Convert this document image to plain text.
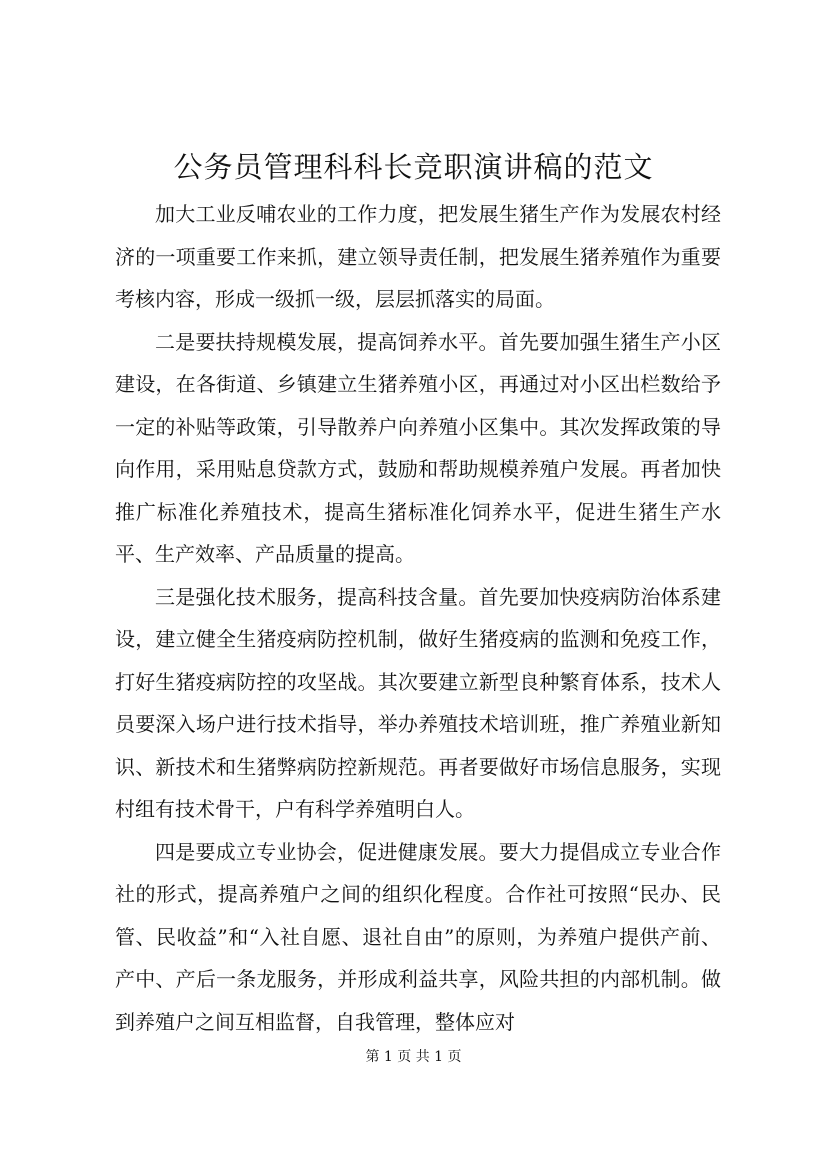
公务员管理科科长竞职演讲稿的范文

加大工业反哺农业的工作力度，把发展生猪生产作为发展农村经济的一项重要工作来抓，建立领导责任制，把发展生猪养殖作为重要考核内容，形成一级抓一级，层层抓落实的局面。

二是要扶持规模发展，提高饲养水平。首先要加强生猪生产小区建设，在各街道、乡镇建立生猪养殖小区，再通过对小区出栏数给予一定的补贴等政策，引导散养户向养殖小区集中。其次发挥政策的导向作用，采用贴息贷款方式，鼓励和帮助规模养殖户发展。再者加快推广标准化养殖技术，提高生猪标准化饲养水平，促进生猪生产水平、生产效率、产品质量的提高。

三是强化技术服务，提高科技含量。首先要加快疫病防治体系建设，建立健全生猪疫病防控机制，做好生猪疫病的监测和免疫工作，打好生猪疫病防控的攻坚战。其次要建立新型良种繁育体系，技术人员要深入场户进行技术指导，举办养殖技术培训班，推广养殖业新知识、新技术和生猪弊病防控新规范。再者要做好市场信息服务，实现村组有技术骨干，户有科学养殖明白人。

四是要成立专业协会，促进健康发展。要大力提倡成立专业合作社的形式，提高养殖户之间的组织化程度。合作社可按照“民办、民管、民收益”和“入社自愿、退社自由”的原则，为养殖户提供产前、产中、产后一条龙服务，并形成利益共享，风险共担的内部机制。做到养殖户之间互相监督，自我管理，整体应对

第 1 页 共 1 页
